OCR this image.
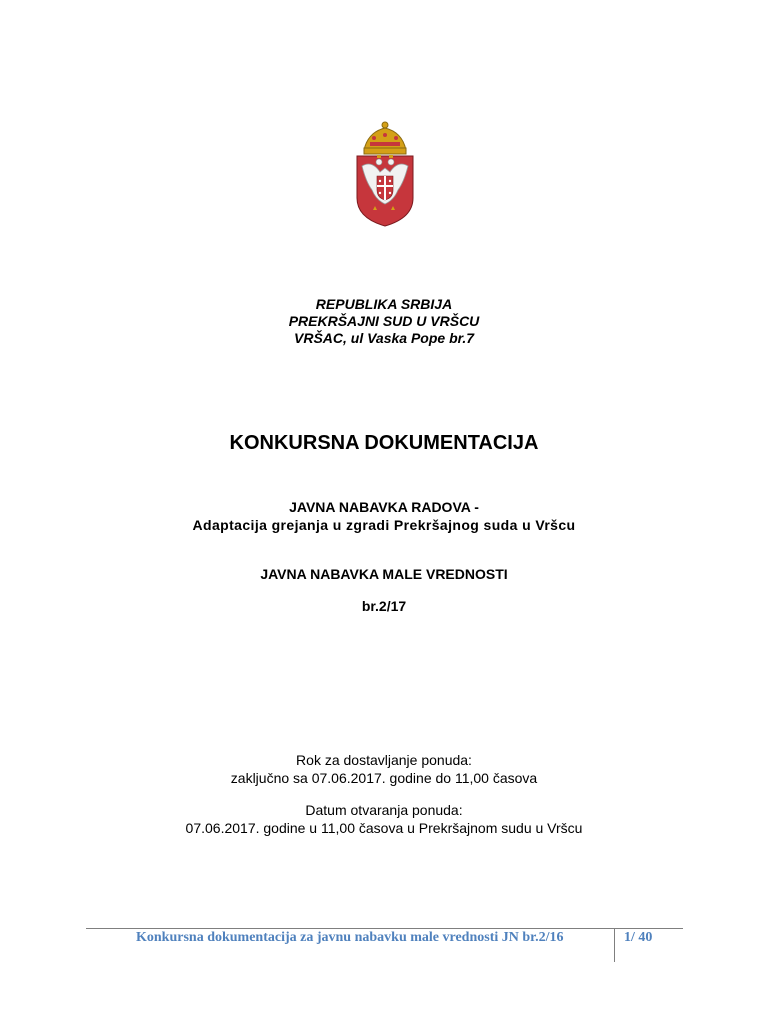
REPUBLIKA SRBIJA
PREKRŠAJNI SUD U VRŠCU
VRŠAC, ul Vaska Pope br.7
KONKURSNA DOKUMENTACIJA
JAVNA NABAVKA RADOVA -
Adaptacija grejanja u zgradi Prekršajnog suda u Vršcu
JAVNA NABAVKA MALE VREDNOSTI
br.2/17
Rok za dostavljanje ponuda:
zaključno sa 07.06.2017. godine do 11,00 časova
Datum otvaranja ponuda:
07.06.2017. godine u 11,00 časova u Prekršajnom sudu u Vršcu
Konkursna dokumentacija za javnu nabavku male vrednosti JN br.2/16	1/ 40
